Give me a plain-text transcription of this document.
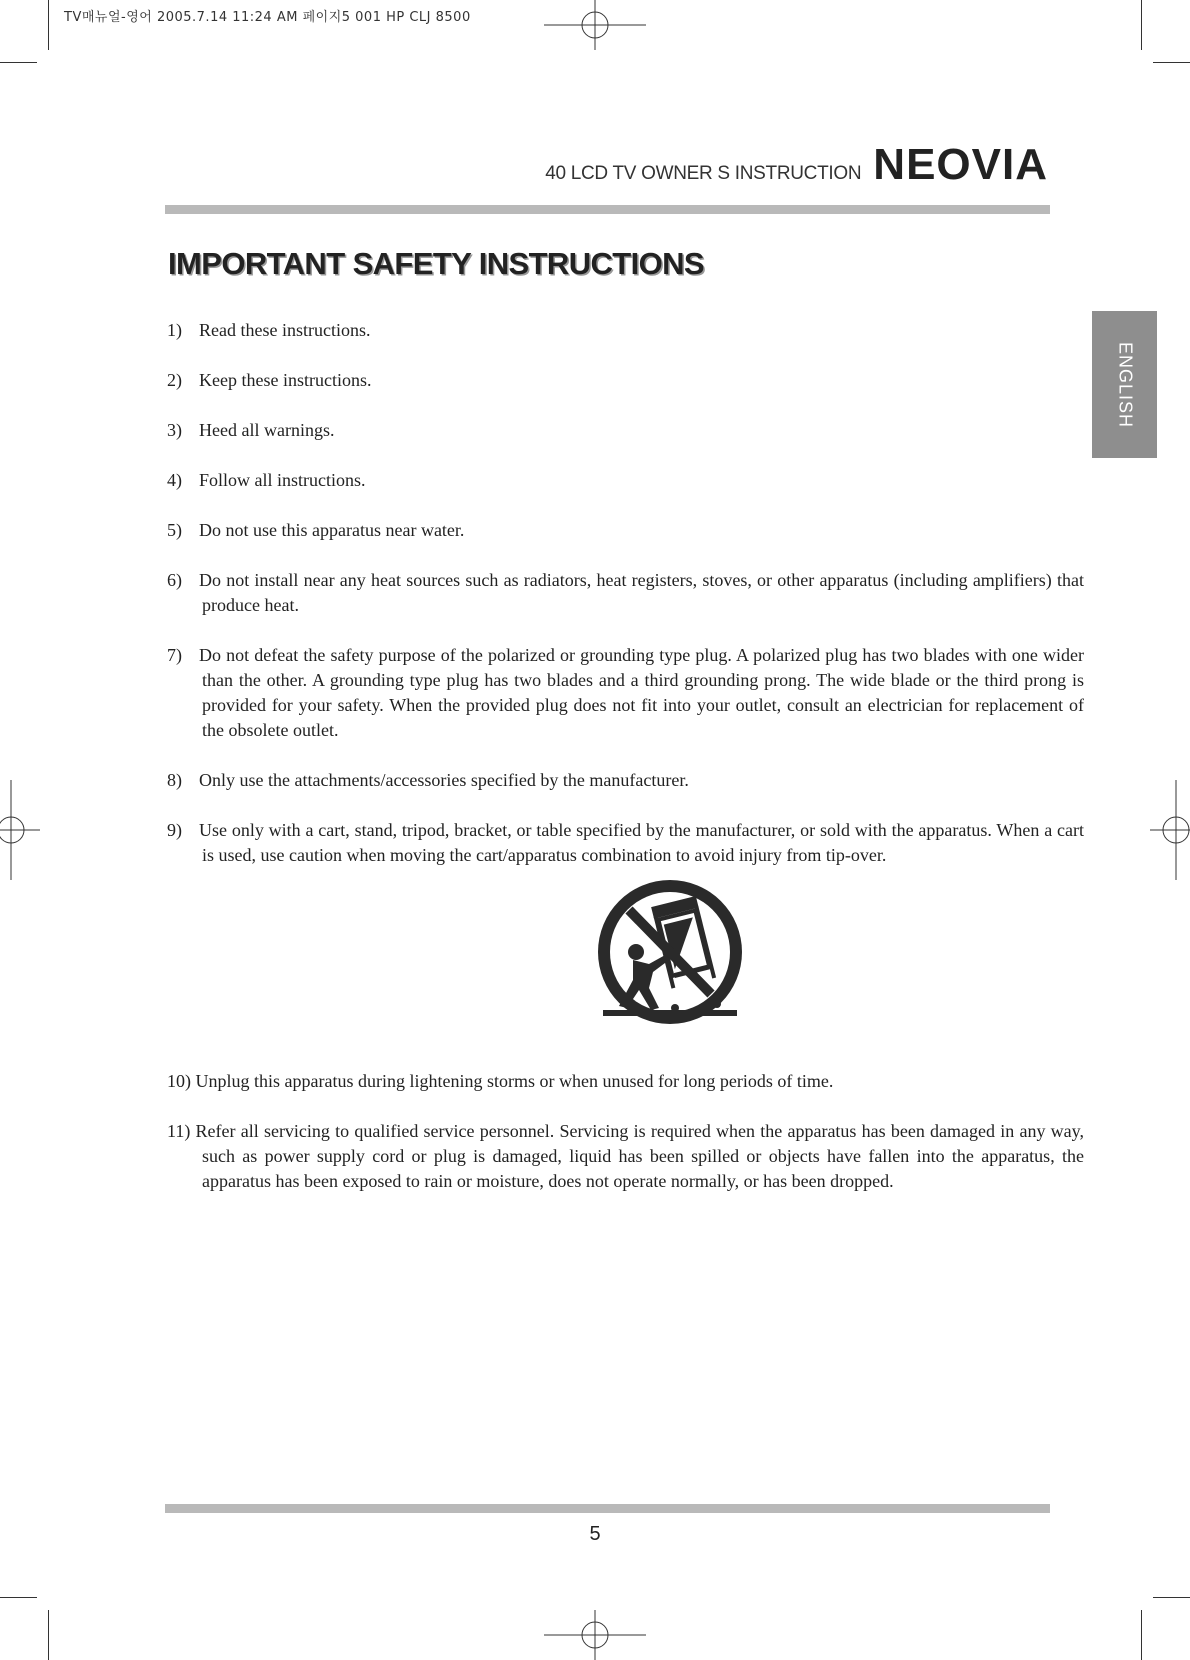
TV매뉴얼-영어 2005.7.14 11:24 AM 페이지5 001 HP CLJ 8500
40 LCD TV OWNER S INSTRUCTION NEOVIA
IMPORTANT SAFETY INSTRUCTIONS
ENGLISH

1) Read these instructions.

2) Keep these instructions.

3) Heed all warnings.

4) Follow all instructions.

5) Do not use this apparatus near water.

6) Do not install near any heat sources such as radiators, heat registers, stoves, or other apparatus (including amplifiers) that produce heat.

7) Do not defeat the safety purpose of the polarized or grounding type plug. A polarized plug has two blades with one wider than the other. A grounding type plug has two blades and a third grounding prong. The wide blade or the third prong is provided for your safety. When the provided plug does not fit into your outlet, consult an electrician for replacement of the obsolete outlet.

8) Only use the attachments/accessories specified by the manufacturer.

9) Use only with a cart, stand, tripod, bracket, or table specified by the manufacturer, or sold with the apparatus. When a cart is used, use caution when moving the cart/apparatus combination to avoid injury from tip-over.

10) Unplug this apparatus during lightening storms or when unused for long periods of time.

11) Refer all servicing to qualified service personnel. Servicing is required when the apparatus has been damaged in any way, such as power supply cord or plug is damaged, liquid has been spilled or objects have fallen into the apparatus, the apparatus has been exposed to rain or moisture, does not operate normally, or has been dropped.

5
